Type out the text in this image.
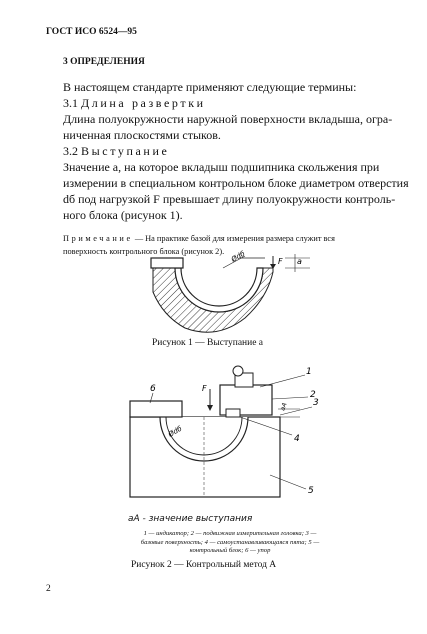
ГОСТ ИСО 6524—95
3 ОПРЕДЕЛЕНИЯ
В настоящем стандарте применяют следующие термины:
3.1 Длина развертки
Длина полуокружности наружной поверхности вкладыша, огра-
ниченная плоскостями стыков.
3.2 Выступание
Значение a, на которое вкладыш подшипника скольжения при
измерении в специальном контрольном блоке диаметром отверстия
dб под нагрузкой F превышает длину полуокружности контроль-
ного блока (рисунок 1).
Примечание — На практике базой для измерения размера служит вся
поверхность контрольного блока (рисунок 2).
F a
Ødб
Рисунок 1 — Выступание a
F
aA
Ødб
1
2
3
4
5
6
aA - значение выступания
1 — индикатор; 2 — подвижная измерительная головка; 3 —
базовые поверхность; 4 — самоустанавливающаяся пята; 5 —
контрольный блок; 6 — упор
Рисунок 2 — Контрольный метод A
2
